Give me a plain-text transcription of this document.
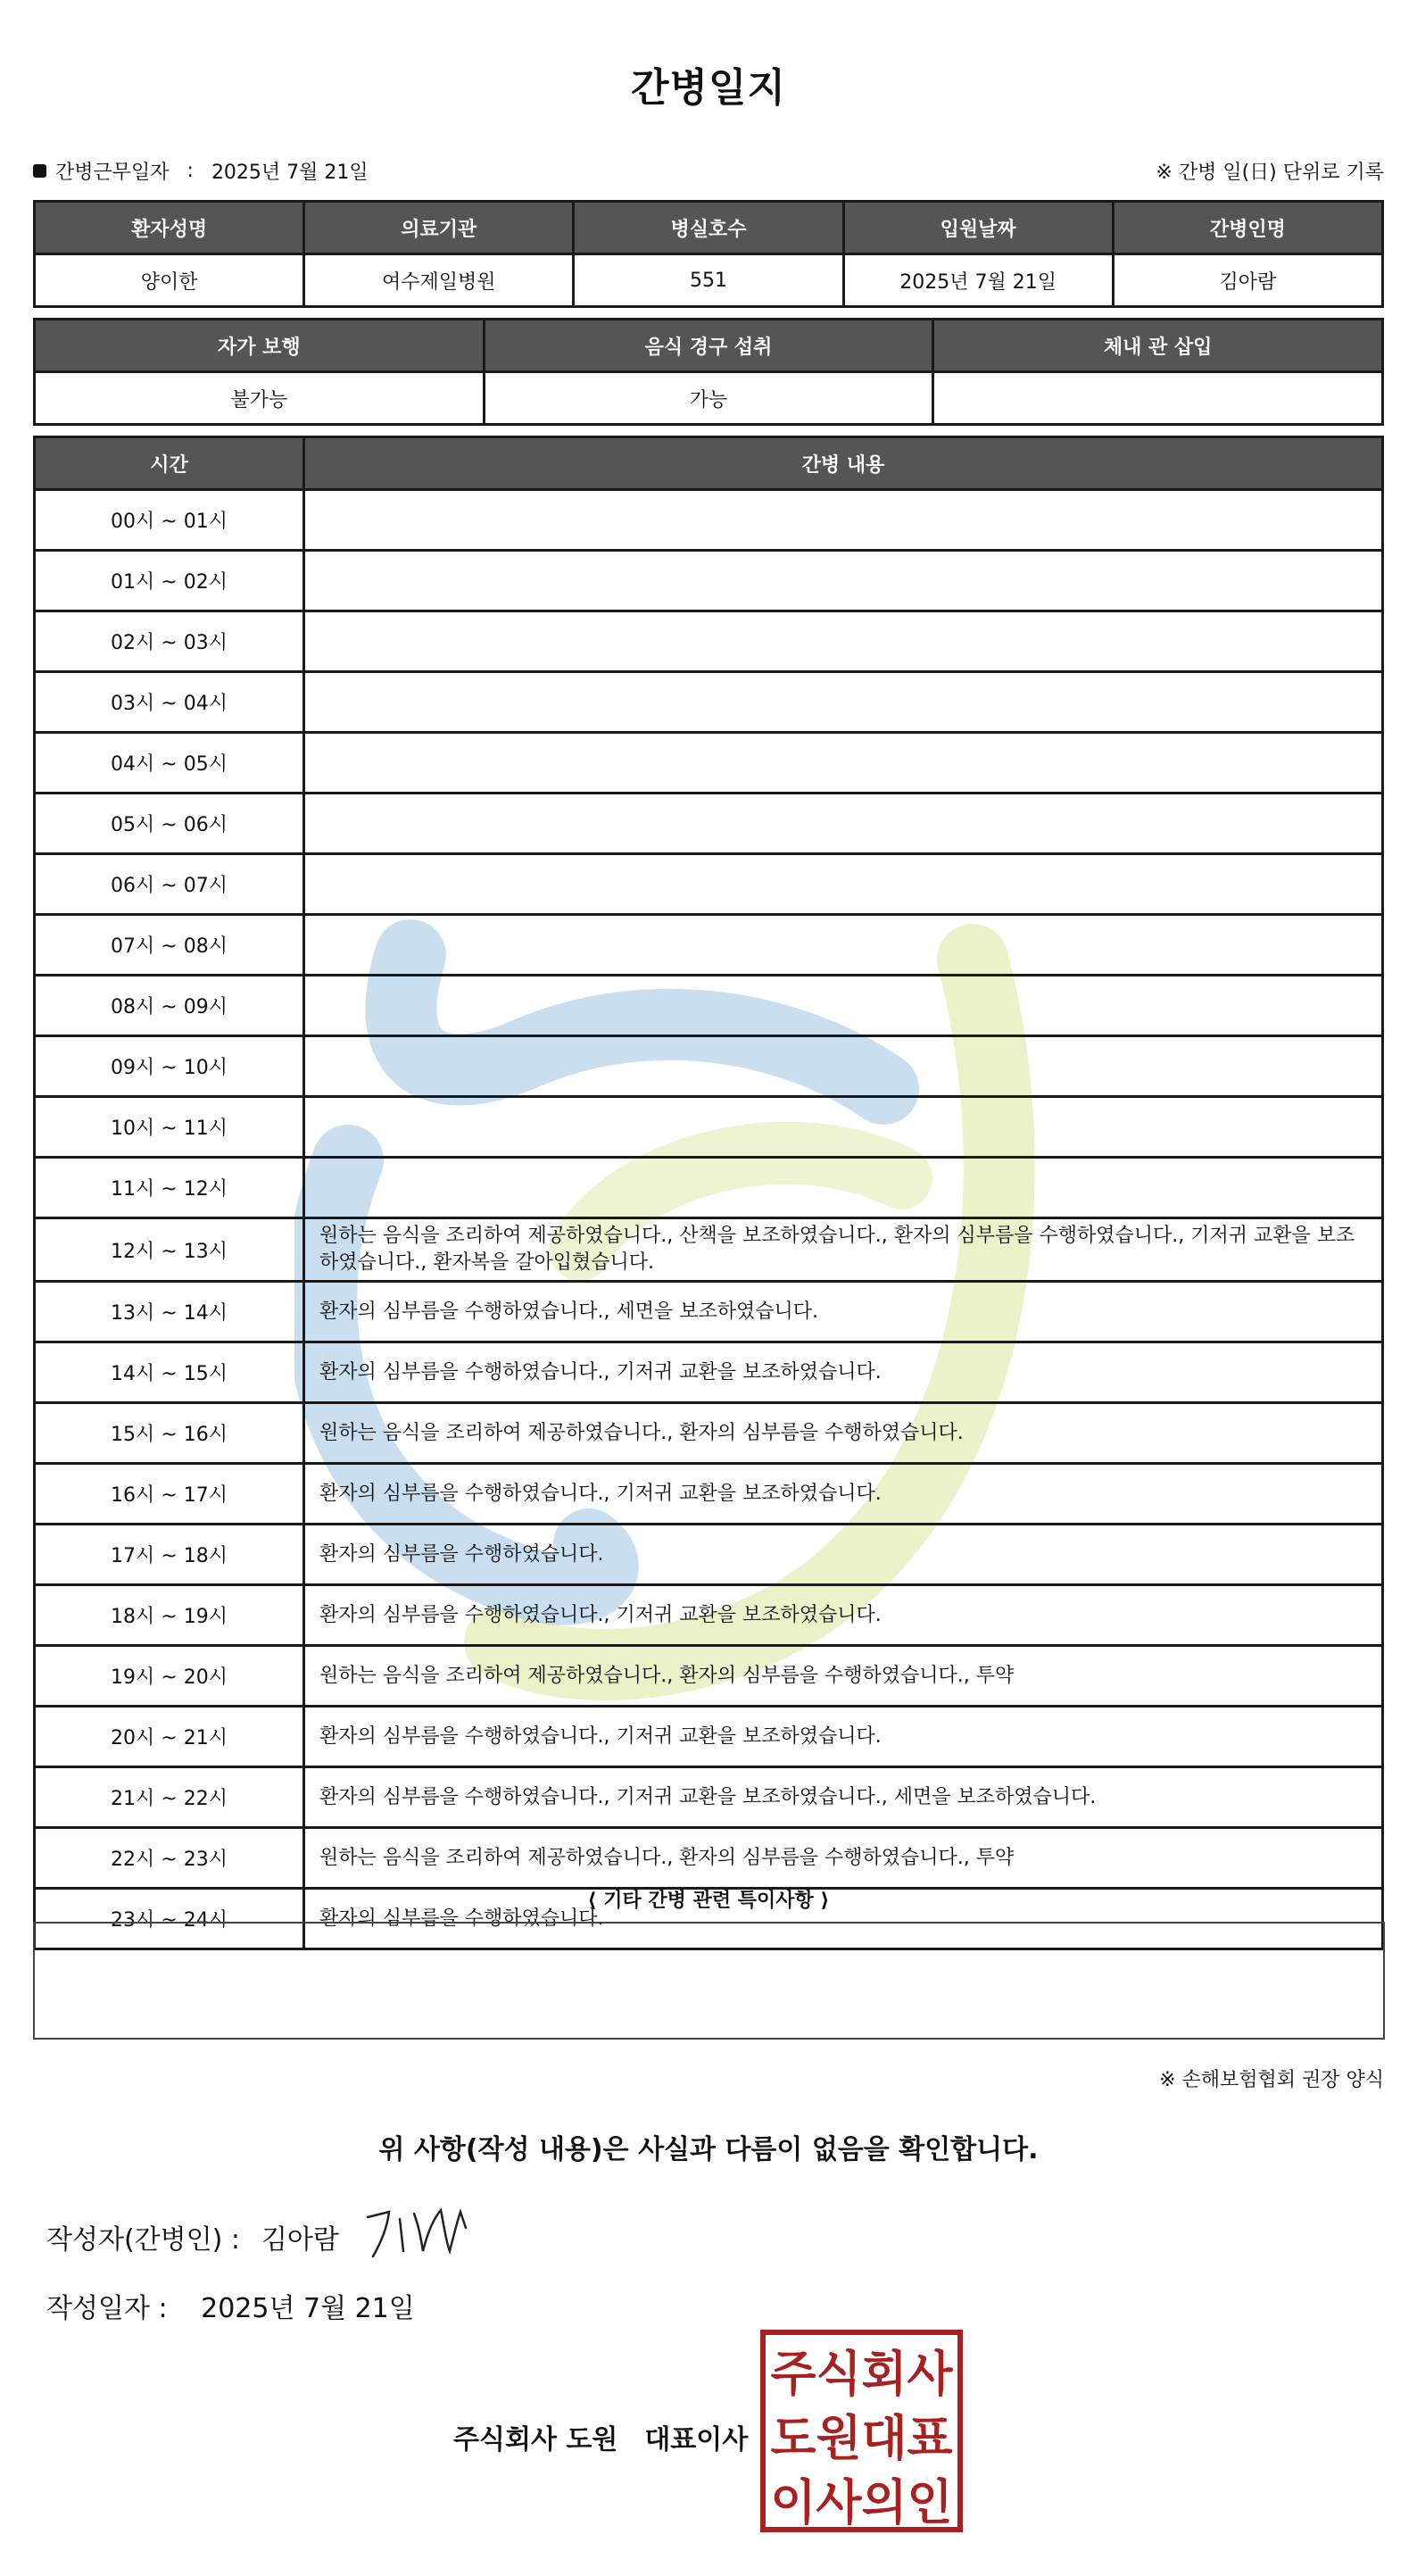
간병일지
간병근무일자 : 2025년 7월 21일	※ 간병 일(日) 단위로 기록
환자성명	의료기관	병실호수	입원날짜	간병인명
양이한	여수제일병원	551	2025년 7월 21일	김아람
자가 보행	음식 경구 섭취	체내 관 삽입
불가능	가능	
시간	간병 내용
00시 ~ 01시	
01시 ~ 02시	
02시 ~ 03시	
03시 ~ 04시	
04시 ~ 05시	
05시 ~ 06시	
06시 ~ 07시	
07시 ~ 08시	
08시 ~ 09시	
09시 ~ 10시	
10시 ~ 11시	
11시 ~ 12시	
12시 ~ 13시	원하는 음식을 조리하여 제공하였습니다., 산책을 보조하였습니다., 환자의 심부름을 수행하였습니다., 기저귀 교환을 보조하였습니다., 환자복을 갈아입혔습니다.
13시 ~ 14시	환자의 심부름을 수행하였습니다., 세면을 보조하였습니다.
14시 ~ 15시	환자의 심부름을 수행하였습니다., 기저귀 교환을 보조하였습니다.
15시 ~ 16시	원하는 음식을 조리하여 제공하였습니다., 환자의 심부름을 수행하였습니다.
16시 ~ 17시	환자의 심부름을 수행하였습니다., 기저귀 교환을 보조하였습니다.
17시 ~ 18시	환자의 심부름을 수행하였습니다.
18시 ~ 19시	환자의 심부름을 수행하였습니다., 기저귀 교환을 보조하였습니다.
19시 ~ 20시	원하는 음식을 조리하여 제공하였습니다., 환자의 심부름을 수행하였습니다., 투약
20시 ~ 21시	환자의 심부름을 수행하였습니다., 기저귀 교환을 보조하였습니다.
21시 ~ 22시	환자의 심부름을 수행하였습니다., 기저귀 교환을 보조하였습니다., 세면을 보조하였습니다.
22시 ~ 23시	원하는 음식을 조리하여 제공하였습니다., 환자의 심부름을 수행하였습니다., 투약
23시 ~ 24시	환자의 심부름을 수행하였습니다.
⟨ 기타 간병 관련 특이사항 ⟩
※ 손해보험협회 권장 양식
위 사항(작성 내용)은 사실과 다름이 없음을 확인합니다.
작성자(간병인) : 김아람
작성일자 : 2025년 7월 21일
주식회사 도원　대표이사
주식회사
도원대표
이사의인
